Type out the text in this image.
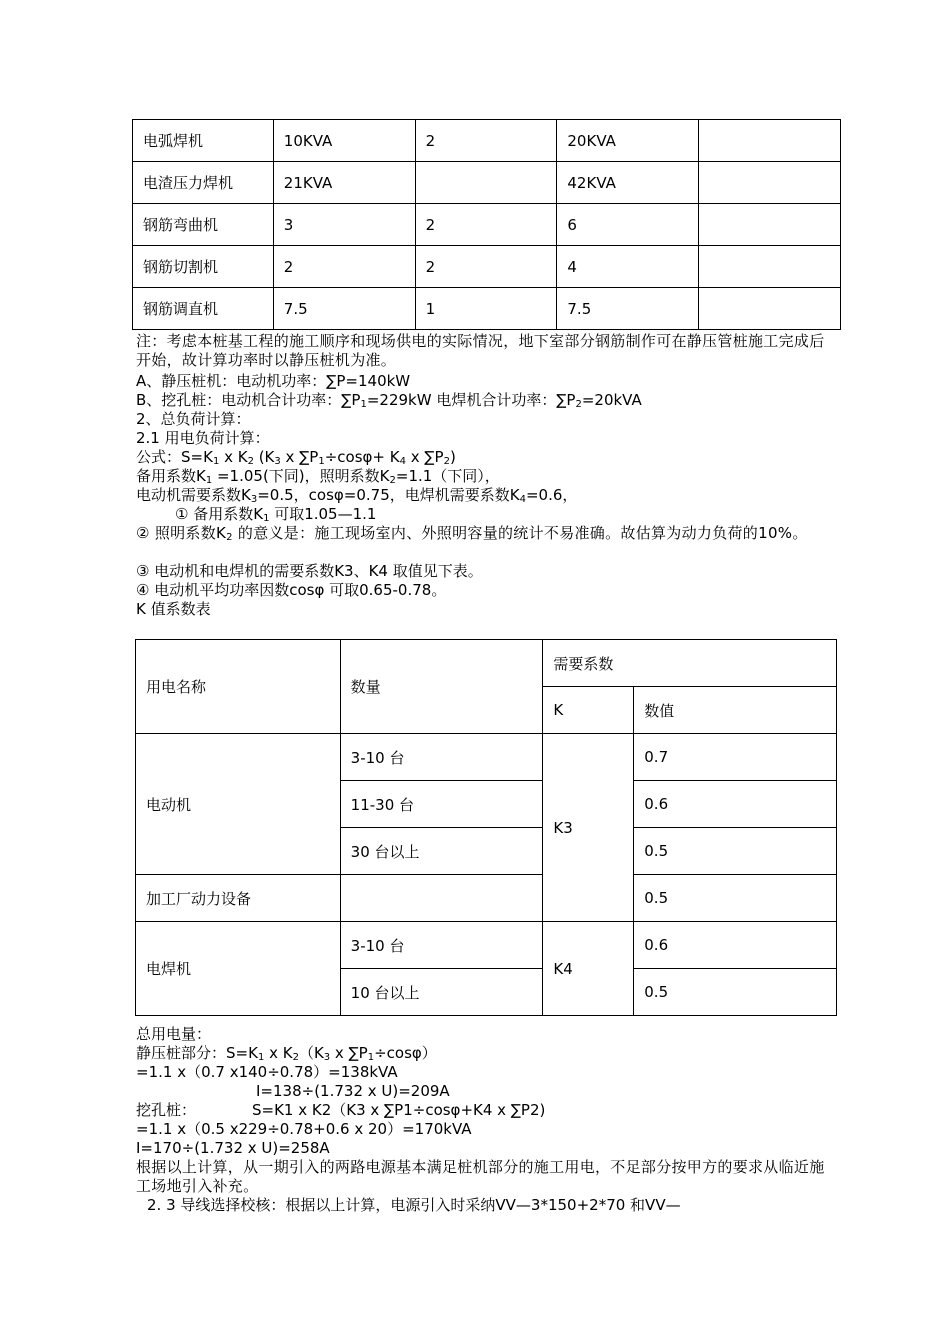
电弧焊机	10KVA	2	20KVA	
电渣压力焊机	21KVA		42KVA	
钢筋弯曲机	3	2	6	
钢筋切割机	2	2	4	
钢筋调直机	7.5	1	7.5	
注：考虑本桩基工程的施工顺序和现场供电的实际情况，地下室部分钢筋制作可在静压管桩施工完成后开始，故计算功率时以静压桩机为准。
A、静压桩机：电动机功率：∑P=140kW
B、挖孔桩：电动机合计功率：$\sum P_1=229kW$ 电焊机合计功率：$\sum P_2=20kVA$
2、总负荷计算：
2.1 用电负荷计算：
公式：$S=K_1$ x $K_2$ ($K_3$ x $\sum P_1\div\cos\varphi+ K_4$ x $\sum P_2$)
备用系数$K_1 =1.05$(下同)，照明系数$K_2=1.1$（下同），
电动机需要系数$K_3=0.5$，cosφ=0.75，电焊机需要系数$K_4=0.6$，
① 备用系数$K_1$ 可取1.05—1.1
② 照明系数$K_2$ 的意义是：施工现场室内、外照明容量的统计不易准确。故估算为动力负荷的10%。
③ 电动机和电焊机的需要系数K3、K4 取值见下表。
④ 电动机平均功率因数cosφ 可取0.65-0.78。
K 值系数表
用电名称	数量	需要系数	
		K	数值
电动机	3-10 台	K3	0.7
	11-30 台		0.6
	30 台以上		0.5
加工厂动力设备			0.5
电焊机	3-10 台	K4	0.6
	10 台以上		0.5
总用电量：
静压桩部分：$S=K_1$ x $K_2(K_3$ x $\sum P_1\div\cos\varphi$）
=1.1 x（0.7 x140÷0.78）=138kVA
I=138÷(1.732 x U)=209A
挖孔桩：	S=K1 x K2（K3 x ∑P1÷cosφ+K4 x ∑P2)
=1.1 x（0.5 x229÷0.78+0.6 x 20）=170kVA
I=170÷(1.732 x U)=258A
根据以上计算，从一期引入的两路电源基本满足桩机部分的施工用电，不足部分按甲方的要求从临近施工场地引入补充。
2. 3 导线选择校核：根据以上计算，电源引入时采纳VV—3*150+2*70 和VV—
